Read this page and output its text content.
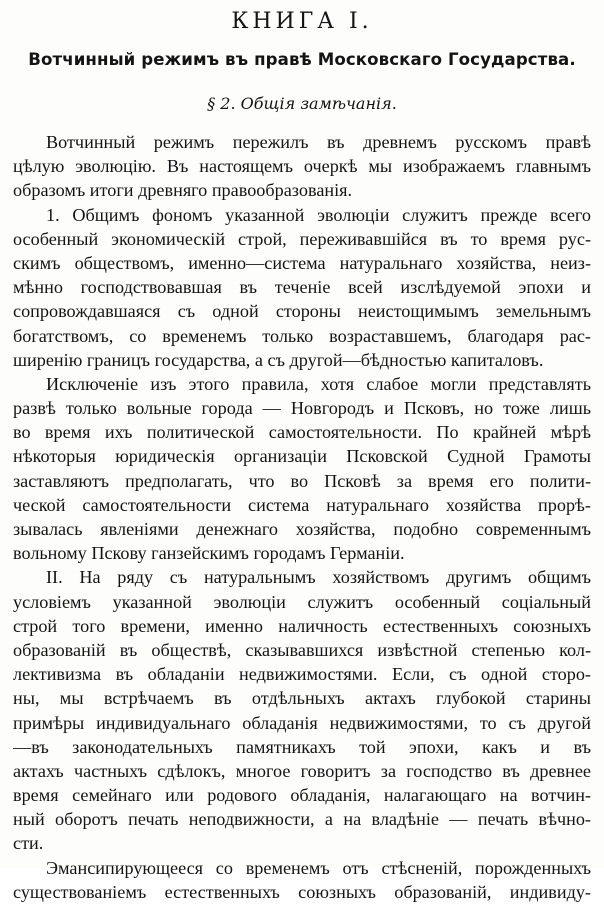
КНИГА I.
Вотчинный режимъ въ правѣ Московскаго Государства.
§ 2. Общія замѣчанія.
Вотчинный режимъ пережилъ въ древнемъ русскомъ правѣ
цѣлую эволюцію. Въ настоящемъ очеркѣ мы изображаемъ главнымъ
образомъ итоги древняго правообразованія.
1. Общимъ фономъ указанной эволюціи служитъ прежде всего
особенный экономическій строй, переживавшійся въ то время рус-
скимъ обществомъ, именно—система натуральнаго хозяйства, неиз-
мѣнно господствовавшая въ теченіе всей изслѣдуемой эпохи и
сопровождавшаяся съ одной стороны неистощимымъ земельнымъ
богатствомъ, со временемъ только возраставшемъ, благодаря рас-
ширенію границъ государства, а съ другой—бѣдностью капиталовъ.
Исключеніе изъ этого правила, хотя слабое могли представлять
развѣ только вольные города — Новгородъ и Псковъ, но тоже лишь
во время ихъ политической самостоятельности. По крайней мѣрѣ
нѣкоторыя юридическія организаціи Псковской Судной Грамоты
заставляютъ предполагать, что во Псковѣ за время его полити-
ческой самостоятельности система натуральнаго хозяйства прорѣ-
зывалась явленіями денежнаго хозяйства, подобно современнымъ
вольному Пскову ганзейскимъ городамъ Германіи.
II. На ряду съ натуральнымъ хозяйствомъ другимъ общимъ
условіемъ указанной эволюціи служитъ особенный соціальный
строй того времени, именно наличность естественныхъ союзныхъ
образованій въ обществѣ, сказывавшихся извѣстной степенью кол-
лективизма въ обладаніи недвижимостями. Если, съ одной сторо-
ны, мы встрѣчаемъ въ отдѣльныхъ актахъ глубокой старины
примѣры индивидуальнаго обладанія недвижимостями, то съ дpугой
—въ законодательныхъ памятникахъ той эпохи, какъ и въ
актахъ частныхъ сдѣлокъ, многое говоритъ за господство въ древнее
время семейнаго или родового обладанія, налагающаго на вотчин-
ный оборотъ печать неподвижности, а на владѣніе — печать вѣчно-
сти.
Эмансипирующееся со временемъ отъ стѣсненій, порожденныхъ
существованіемъ естественныхъ союзныхъ образованій, индивиду-
